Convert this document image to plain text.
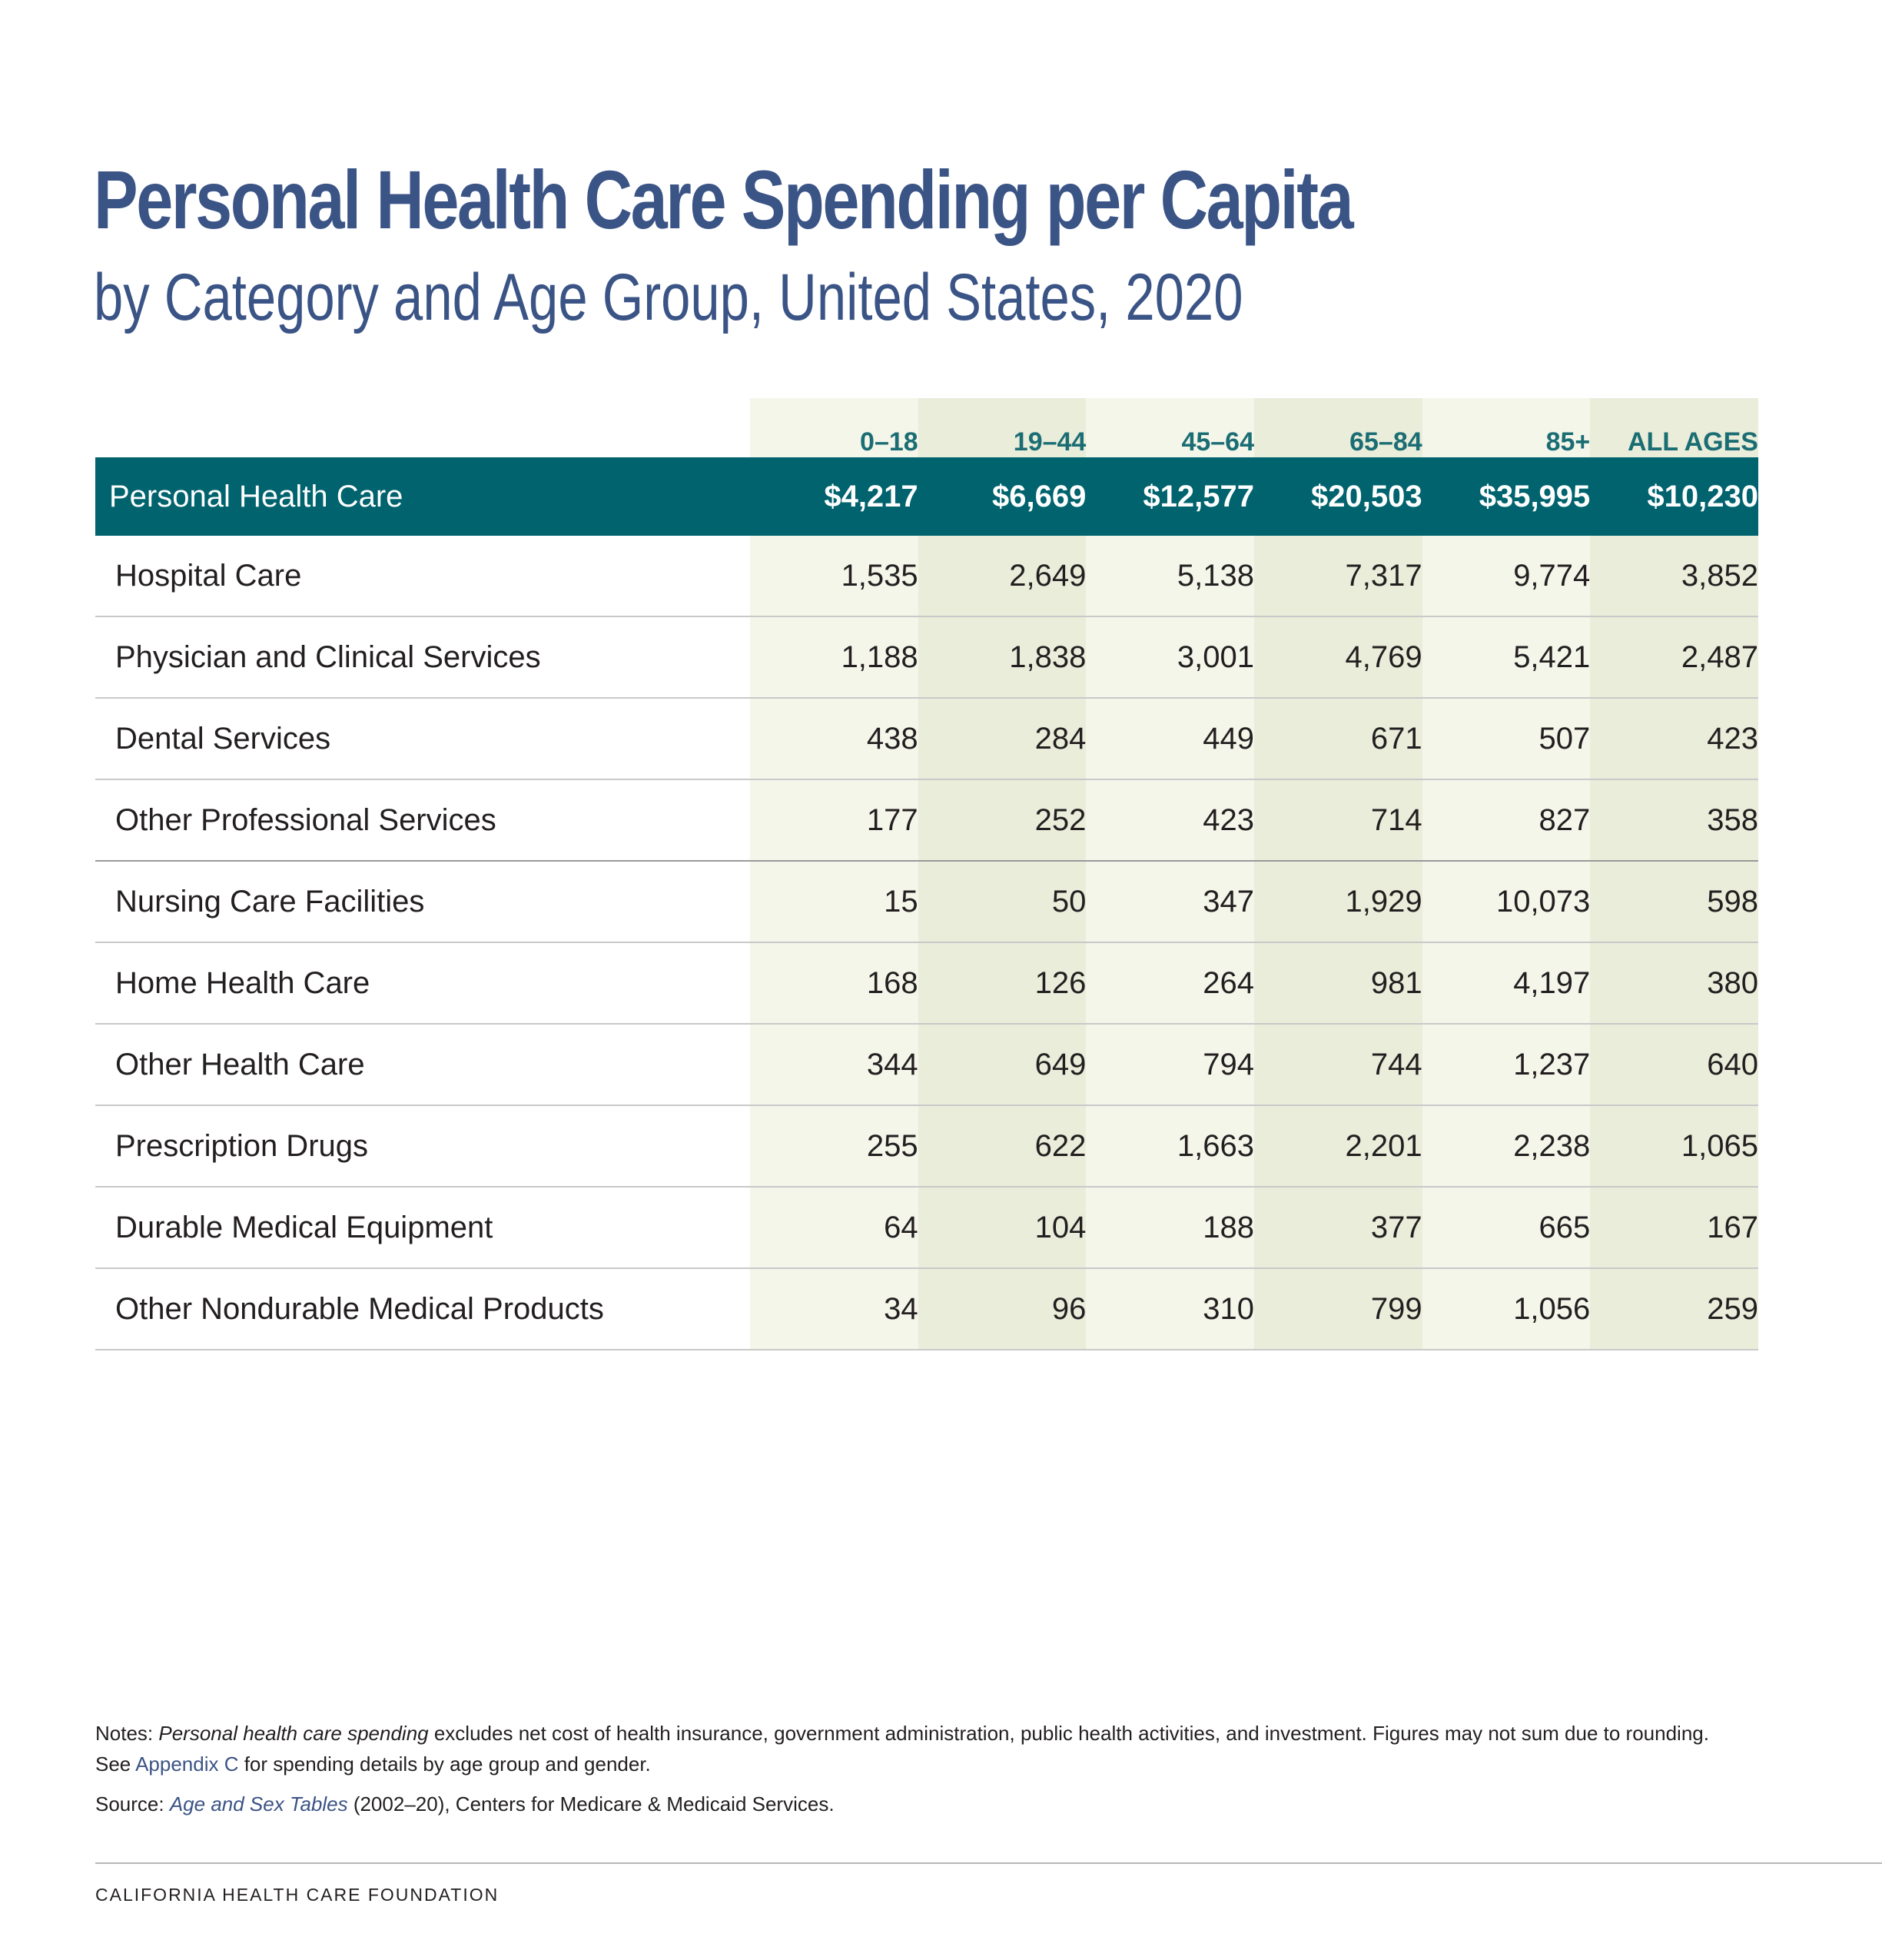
Personal Health Care Spending per Capita
by Category and Age Group, United States, 2020
	0–18	19–44	45–64	65–84	85+	ALL AGES
Personal Health Care	$4,217	$6,669	$12,577	$20,503	$35,995	$10,230
Hospital Care	1,535	2,649	5,138	7,317	9,774	3,852
Physician and Clinical Services	1,188	1,838	3,001	4,769	5,421	2,487
Dental Services	438	284	449	671	507	423
Other Professional Services	177	252	423	714	827	358
Nursing Care Facilities	15	50	347	1,929	10,073	598
Home Health Care	168	126	264	981	4,197	380
Other Health Care	344	649	794	744	1,237	640
Prescription Drugs	255	622	1,663	2,201	2,238	1,065
Durable Medical Equipment	64	104	188	377	665	167
Other Nondurable Medical Products	34	96	310	799	1,056	259

Notes: Personal health care spending excludes net cost of health insurance, government administration, public health activities, and investment. Figures may not sum due to rounding.
See Appendix C for spending details by age group and gender.

Source: Age and Sex Tables (2002–20), Centers for Medicare & Medicaid Services.

CALIFORNIA HEALTH CARE FOUNDATION
